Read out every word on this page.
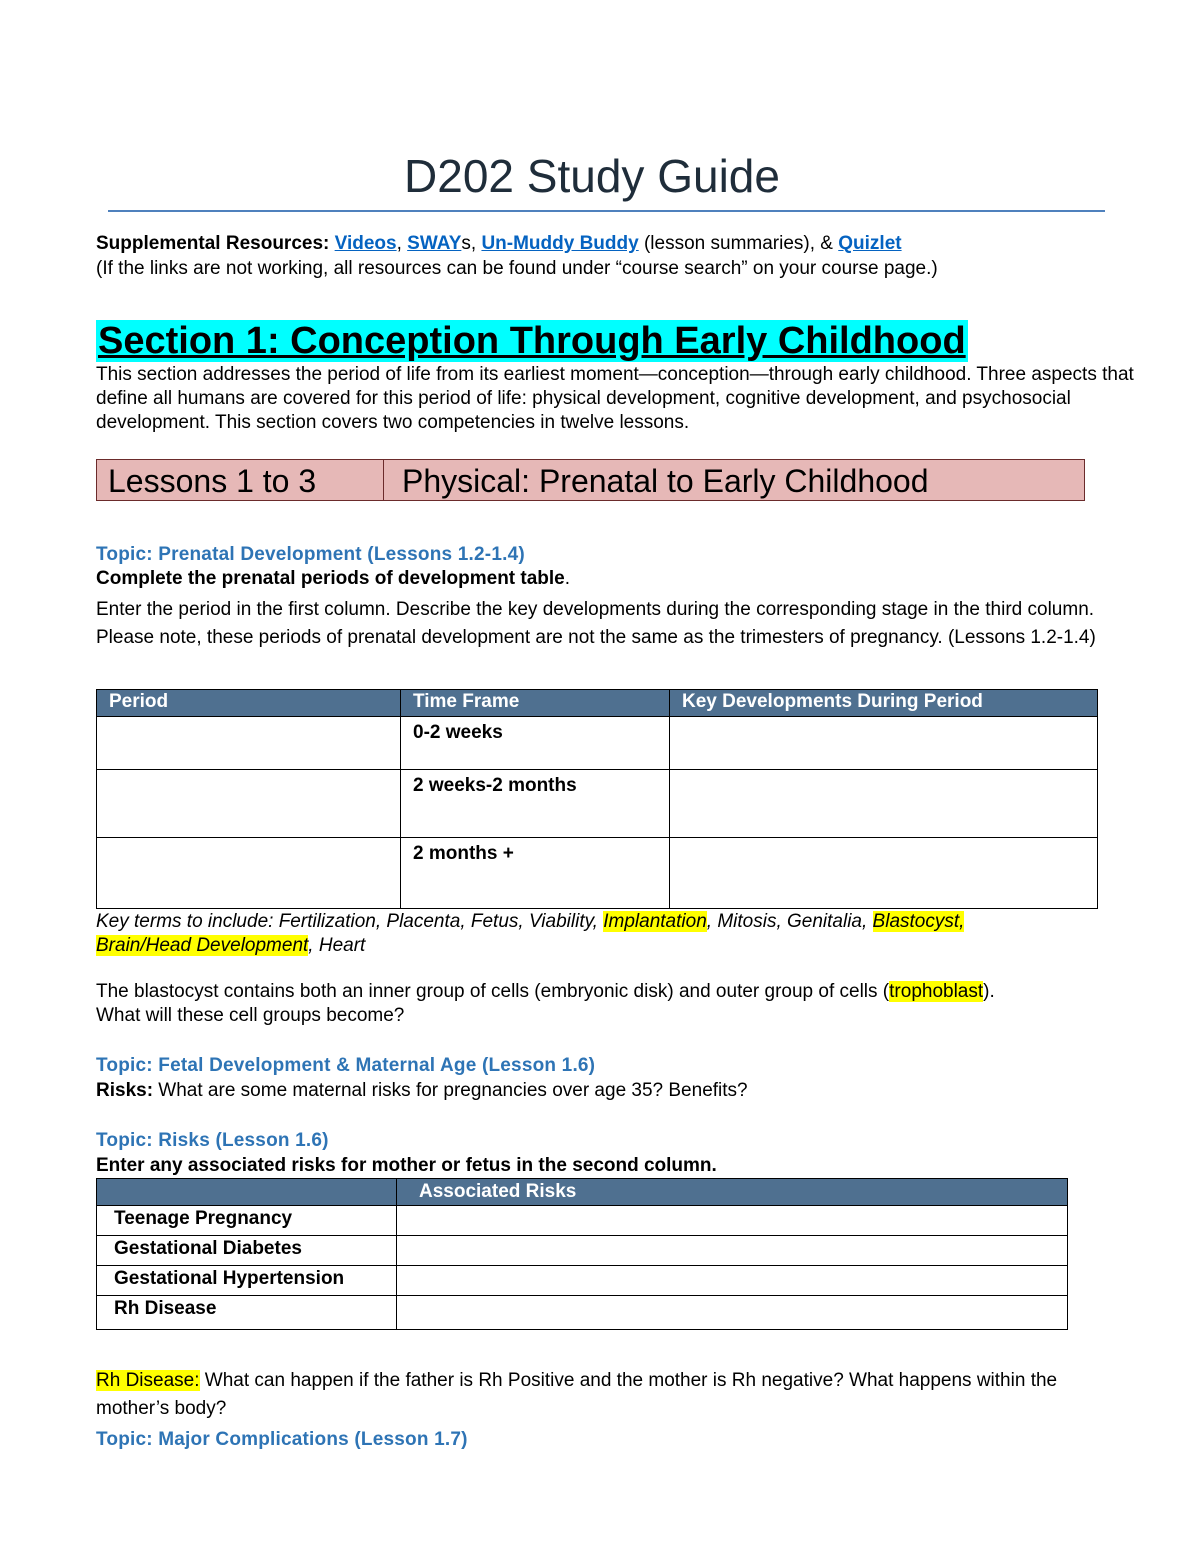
D202 Study Guide
Supplemental Resources: Videos, SWAYs, Un-Muddy Buddy (lesson summaries), & Quizlet
(If the links are not working, all resources can be found under “course search” on your course page.)
Section 1: Conception Through Early Childhood
This section addresses the period of life from its earliest moment—conception—through early childhood. Three aspects that define all humans are covered for this period of life: physical development, cognitive development, and psychosocial development. This section covers two competencies in twelve lessons.
Lessons 1 to 3	Physical: Prenatal to Early Childhood
Topic: Prenatal Development (Lessons 1.2-1.4)
Complete the prenatal periods of development table.
Enter the period in the first column. Describe the key developments during the corresponding stage in the third column. Please note, these periods of prenatal development are not the same as the trimesters of pregnancy. (Lessons 1.2-1.4)
Period	Time Frame	Key Developments During Period
	0-2 weeks	
	2 weeks-2 months	
	2 months +	
Key terms to include: Fertilization, Placenta, Fetus, Viability, Implantation, Mitosis, Genitalia, Blastocyst,
Brain/Head Development, Heart
The blastocyst contains both an inner group of cells (embryonic disk) and outer group of cells (trophoblast).
What will these cell groups become?
Topic: Fetal Development & Maternal Age (Lesson 1.6)
Risks: What are some maternal risks for pregnancies over age 35? Benefits?
Topic: Risks (Lesson 1.6)
Enter any associated risks for mother or fetus in the second column.
	Associated Risks
Teenage Pregnancy	
Gestational Diabetes	
Gestational Hypertension	
Rh Disease	
Rh Disease: What can happen if the father is Rh Positive and the mother is Rh negative? What happens within the mother’s body?
Topic: Major Complications (Lesson 1.7)
